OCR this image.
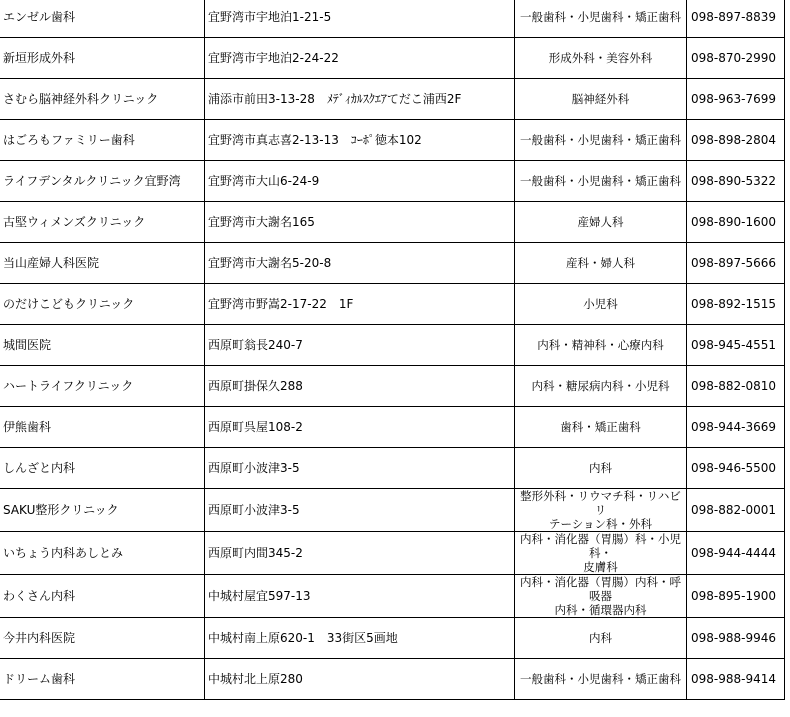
エンゼル歯科	宜野湾市宇地泊1-21-5	一般歯科・小児歯科・矯正歯科	098-897-8839
新垣形成外科	宜野湾市宇地泊2-24-22	形成外科・美容外科	098-870-2990
さむら脳神経外科クリニック	浦添市前田3-13-28　ﾒﾃﾞｨｶﾙｽｸｴｱてだこ浦西2F	脳神経外科	098-963-7699
はごろもファミリー歯科	宜野湾市真志喜2-13-13　ｺｰﾎﾟ徳本102	一般歯科・小児歯科・矯正歯科	098-898-2804
ライフデンタルクリニック宜野湾	宜野湾市大山6-24-9	一般歯科・小児歯科・矯正歯科	098-890-5322
古堅ウィメンズクリニック	宜野湾市大謝名165	産婦人科	098-890-1600
当山産婦人科医院	宜野湾市大謝名5-20-8	産科・婦人科	098-897-5666
のだけこどもクリニック	宜野湾市野嵩2-17-22　1F	小児科	098-892-1515
城間医院	西原町翁長240-7	内科・精神科・心療内科	098-945-4551
ハートライフクリニック	西原町掛保久288	内科・糖尿病内科・小児科	098-882-0810
伊熊歯科	西原町呉屋108-2	歯科・矯正歯科	098-944-3669
しんざと内科	西原町小波津3-5	内科	098-946-5500
SAKU整形クリニック	西原町小波津3-5	整形外科・リウマチ科・リハビリ
テーション科・外科	098-882-0001
いちょう内科あしとみ	西原町内間345-2	内科・消化器（胃腸）科・小児科・
皮膚科	098-944-4444
わくさん内科	中城村屋宜597-13	内科・消化器（胃腸）内科・呼吸器
内科・循環器内科	098-895-1900
今井内科医院	中城村南上原620-1　33街区5画地	内科	098-988-9946
ドリーム歯科	中城村北上原280	一般歯科・小児歯科・矯正歯科	098-988-9414
